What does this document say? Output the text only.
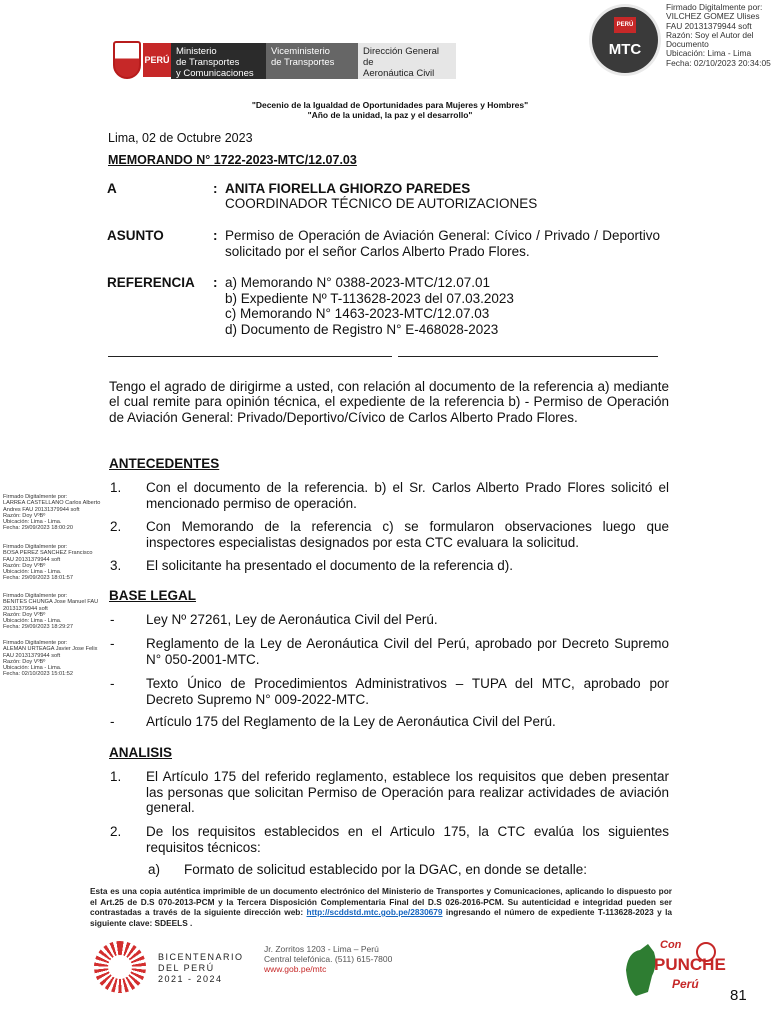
PERÚ
Ministerio
de Transportes
y Comunicaciones
Viceministerio
de Transportes
Dirección General de
Aeronáutica Civil
PERÚ
MTC
Firmado Digitalmente por:
VILCHEZ GOMEZ Ulises
FAU 20131379944 soft
Razón: Soy el Autor del
Documento
Ubicación: Lima - Lima
Fecha: 02/10/2023 20:34:05
"Decenio de la Igualdad de Oportunidades para Mujeres y Hombres"
"Año de la unidad, la paz y el desarrollo"
Lima, 02 de Octubre 2023
MEMORANDO N° 1722-2023-MTC/12.07.03
A	: ANITA FIORELLA GHIORZO PAREDES
COORDINADOR TÉCNICO DE AUTORIZACIONES
ASUNTO	: Permiso de Operación de Aviación General: Cívico / Privado / Deportivo solicitado por el señor Carlos Alberto Prado Flores.
REFERENCIA : a) Memorando N° 0388-2023-MTC/12.07.01
b) Expediente Nº T-113628-2023 del 07.03.2023
c) Memorando N° 1463-2023-MTC/12.07.03
d) Documento de Registro N° E-468028-2023
Tengo el agrado de dirigirme a usted, con relación al documento de la referencia a) mediante el cual remite para opinión técnica, el expediente de la referencia b) - Permiso de Operación de Aviación General: Privado/Deportivo/Cívico de Carlos Alberto Prado Flores.
ANTECEDENTES
1. Con el documento de la referencia. b) el Sr. Carlos Alberto Prado Flores solicitó el mencionado permiso de operación.
2. Con Memorando de la referencia c) se formularon observaciones luego que inspectores especialistas designados por esta CTC evaluara la solicitud.
3. El solicitante ha presentado el documento de la referencia d).
BASE LEGAL
- Ley Nº 27261, Ley de Aeronáutica Civil del Perú.
- Reglamento de la Ley de Aeronáutica Civil del Perú, aprobado por Decreto Supremo N° 050-2001-MTC.
- Texto Único de Procedimientos Administrativos – TUPA del MTC, aprobado por Decreto Supremo N° 009-2022-MTC.
- Artículo 175 del Reglamento de la Ley de Aeronáutica Civil del Perú.
ANALISIS
1. El Artículo 175 del referido reglamento, establece los requisitos que deben presentar las personas que solicitan Permiso de Operación para realizar actividades de aviación general.
2. De los requisitos establecidos en el Articulo 175, la CTC evalúa los siguientes requisitos técnicos:
a) Formato de solicitud establecido por la DGAC, en donde se detalle:
Firmado Digitalmente por:
LARREA CASTELLANO Carlos Alberto
Andres FAU 20131379944 soft
Razón: Doy VºBº
Ubicación: Lima - Lima.
Fecha: 29/09/2023 18:00:20
Firmado Digitalmente por:
BOSA PEREZ SANCHEZ Francisco
FAU 20131379944 soft
Razón: Doy VºBº
Ubicación: Lima - Lima.
Fecha: 29/09/2023 18:01:57
Firmado Digitalmente por:
BENITES CHUNGA Jose Manuel FAU
20131379944 soft
Razón: Doy VºBº
Ubicación: Lima - Lima.
Fecha: 29/09/2023 18:29:27
Firmado Digitalmente por:
ALEMAN URTEAGA Javier Jose Felix
FAU 20131379944 soft
Razón: Doy VºBº
Ubicación: Lima - Lima.
Fecha: 02/10/2023 15:01:52
Esta es una copia auténtica imprimible de un documento electrónico del Ministerio de Transportes y Comunicaciones, aplicando lo dispuesto por el Art.25 de D.S 070-2013-PCM y la Tercera Disposición Complementaria Final del D.S 026-2016-PCM. Su autenticidad e integridad pueden ser contrastadas a través de la siguiente dirección web: http://scddstd.mtc.gob.pe/2830679 ingresando el número de expediente T-113628-2023 y la siguiente clave: SDEELS .
BICENTENARIO
DEL PERÚ
2021 - 2024
Jr. Zorritos 1203 - Lima – Perú
Central telefónica. (511) 615-7800
www.gob.pe/mtc
Con
PUNCHE
Perú
81
